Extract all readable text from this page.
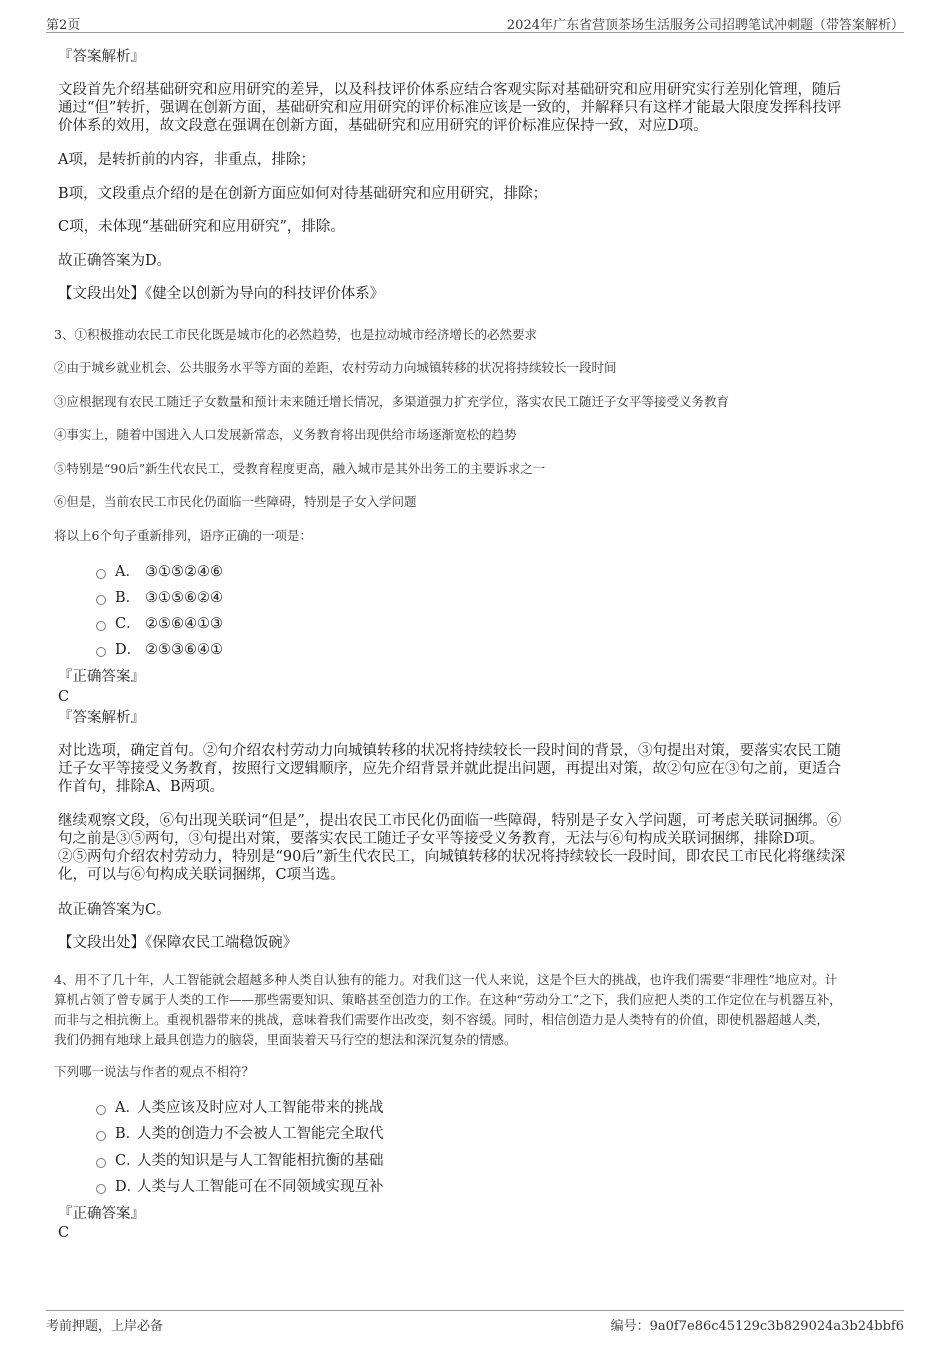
第2页	2024年广东省营顶茶场生活服务公司招聘笔试冲刺题（带答案解析）
『答案解析』
文段首先介绍基础研究和应用研究的差异，以及科技评价体系应结合客观实际对基础研究和应用研究实行差别化管理，随后
通过“但”转折，强调在创新方面，基础研究和应用研究的评价标准应该是一致的，并解释只有这样才能最大限度发挥科技评
价体系的效用，故文段意在强调在创新方面，基础研究和应用研究的评价标准应保持一致，对应D项。
A项，是转折前的内容，非重点，排除；
B项，文段重点介绍的是在创新方面应如何对待基础研究和应用研究，排除；
C项，未体现“基础研究和应用研究”，排除。
故正确答案为D。
【文段出处】《健全以创新为导向的科技评价体系》
3、①积极推动农民工市民化既是城市化的必然趋势，也是拉动城市经济增长的必然要求
②由于城乡就业机会、公共服务水平等方面的差距，农村劳动力向城镇转移的状况将持续较长一段时间
③应根据现有农民工随迁子女数量和预计未来随迁增长情况，多渠道强力扩充学位，落实农民工随迁子女平等接受义务教育
④事实上，随着中国进入人口发展新常态，义务教育将出现供给市场逐渐宽松的趋势
⑤特别是“90后”新生代农民工，受教育程度更高，融入城市是其外出务工的主要诉求之一
⑥但是，当前农民工市民化仍面临一些障碍，特别是子女入学问题
将以上6个句子重新排列，语序正确的一项是：
A． ③①⑤②④⑥
B． ③①⑤⑥②④
C． ②⑤⑥④①③
D． ②⑤③⑥④①
『正确答案』
C
『答案解析』
对比选项，确定首句。②句介绍农村劳动力向城镇转移的状况将持续较长一段时间的背景，③句提出对策，要落实农民工随
迁子女平等接受义务教育，按照行文逻辑顺序，应先介绍背景并就此提出问题，再提出对策，故②句应在③句之前，更适合
作首句，排除A、B两项。
继续观察文段，⑥句出现关联词“但是”，提出农民工市民化仍面临一些障碍，特别是子女入学问题，可考虑关联词捆绑。⑥
句之前是③⑤两句，③句提出对策，要落实农民工随迁子女平等接受义务教育，无法与⑥句构成关联词捆绑，排除D项。
②⑤两句介绍农村劳动力，特别是“90后”新生代农民工，向城镇转移的状况将持续较长一段时间，即农民工市民化将继续深
化，可以与⑥句构成关联词捆绑，C项当选。
故正确答案为C。
【文段出处】《保障农民工端稳饭碗》
4、用不了几十年，人工智能就会超越多种人类自认独有的能力。对我们这一代人来说，这是个巨大的挑战，也许我们需要“非理性”地应对。计
算机占领了曾专属于人类的工作——那些需要知识、策略甚至创造力的工作。在这种“劳动分工”之下，我们应把人类的工作定位在与机器互补，
而非与之相抗衡上。重视机器带来的挑战，意味着我们需要作出改变，刻不容缓。同时，相信创造力是人类特有的价值，即使机器超越人类，
我们仍拥有地球上最具创造力的脑袋，里面装着天马行空的想法和深沉复杂的情感。
下列哪一说法与作者的观点不相符？
A．
人类应该及时应对人工智能带来的挑战
B．
人类的创造力不会被人工智能完全取代
C．
人类的知识是与人工智能相抗衡的基础
D．
人类与人工智能可在不同领域实现互补
『正确答案』
C
考前押题，上岸必备	编号：9a0f7e86c45129c3b829024a3b24bbf6
